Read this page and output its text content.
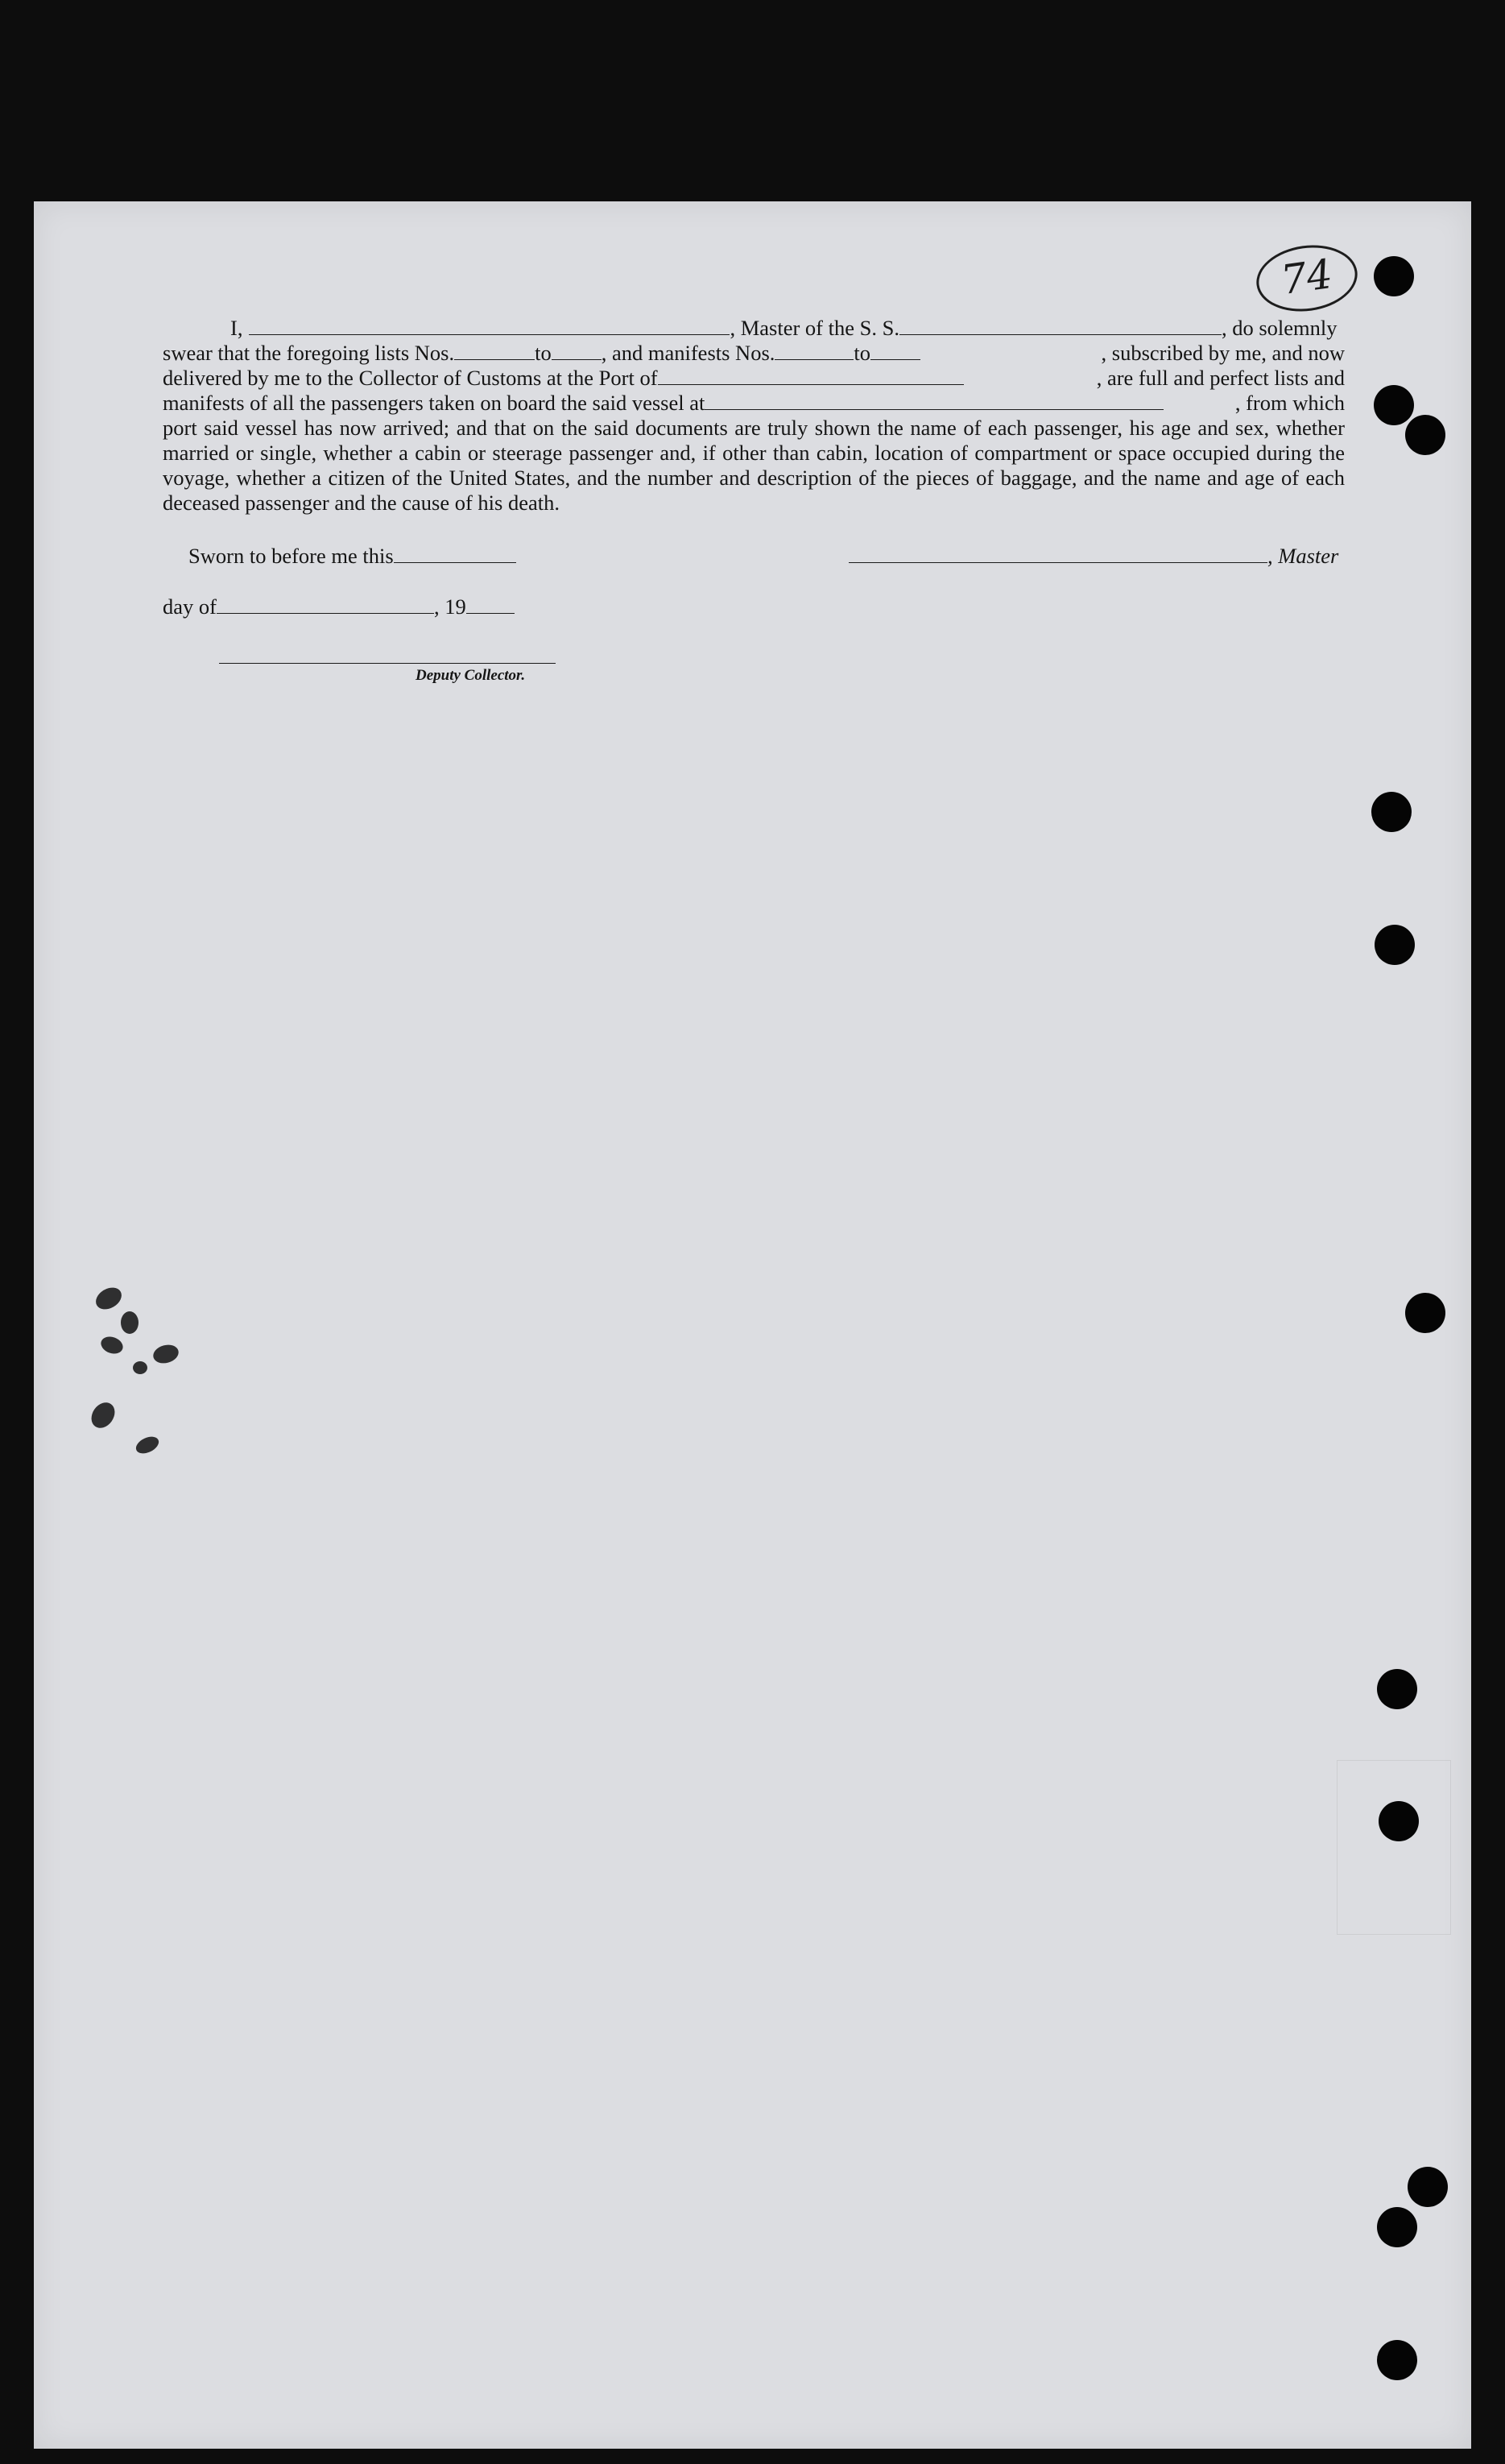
74
I,	, Master of the S. S.	, do solemnly
swear that the foregoing lists Nos.	to , and manifests Nos.	to	, subscribed by me, and now
delivered by me to the Collector of Customs at the Port of	, are full and perfect lists and
manifests of all the passengers taken on board the said vessel at	, from which
port said vessel has now arrived; and that on the said documents are truly shown the name of each passenger, his age and sex, whether married or single, whether a cabin or steerage passenger and, if other than cabin, location of compartment or space occupied during the voyage, whether a citizen of the United States, and the number and description of the pieces of baggage, and the name and age of each deceased passenger and the cause of his death.
Sworn to before me this	, Master
day of	, 19
Deputy Collector.
